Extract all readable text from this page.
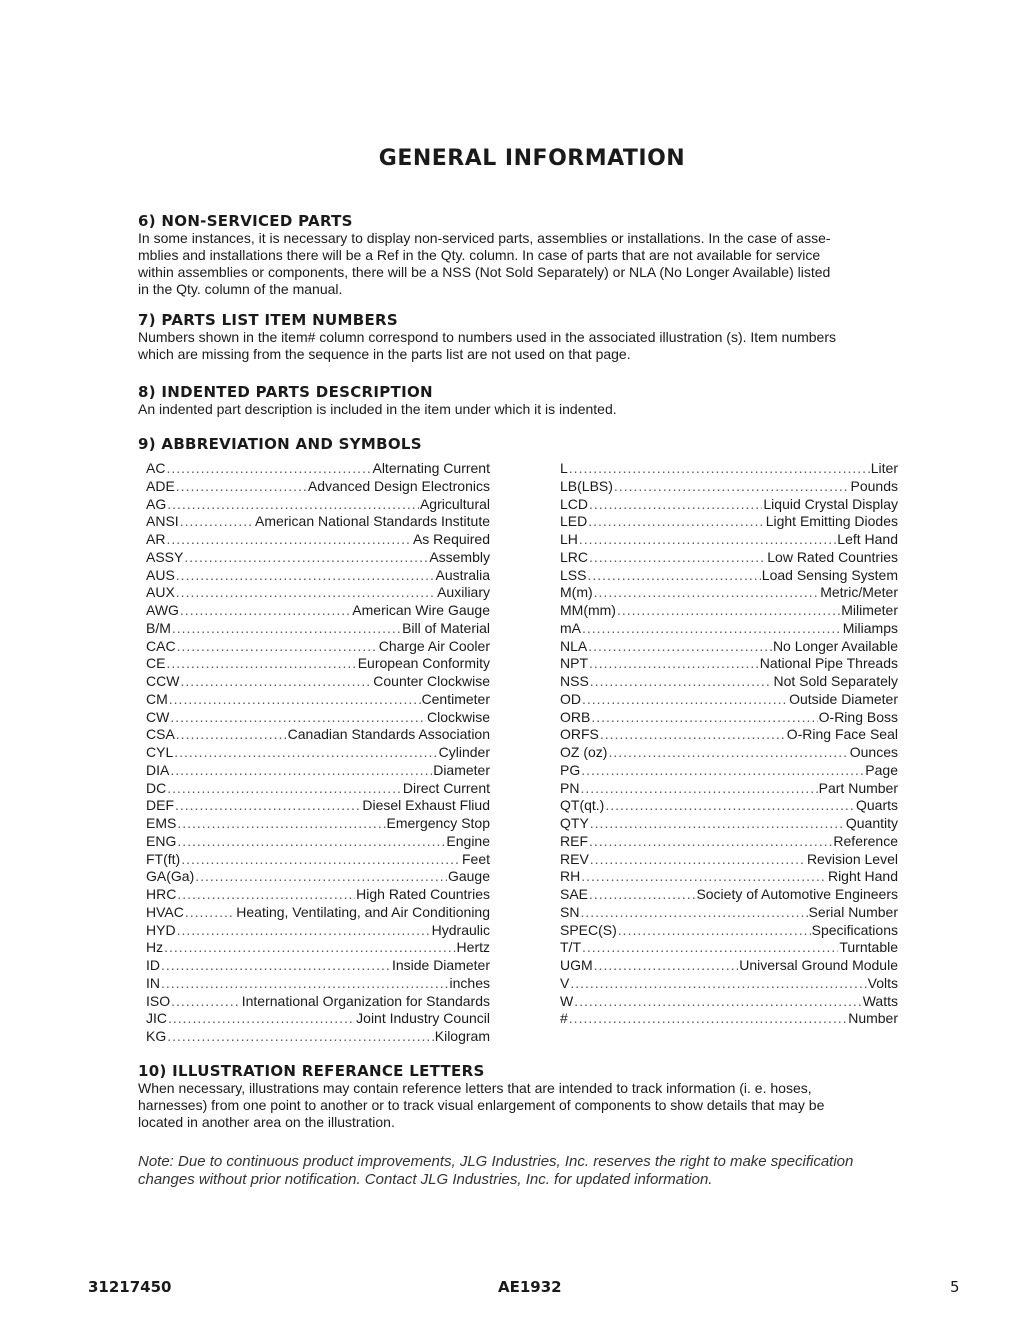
GENERAL INFORMATION
6) NON-SERVICED PARTS

In some instances, it is necessary to display non-serviced parts, assemblies or installations. In the case of asse-

mblies and installations there will be a Ref in the Qty. column. In case of parts that are not available for service

within assemblies or components, there will be a NSS (Not Sold Separately) or NLA (No Longer Available) listed

in the Qty. column of the manual.

7) PARTS LIST ITEM NUMBERS

Numbers shown in the item# column correspond to numbers used in the associated illustration (s). Item numbers

which are missing from the sequence in the parts list are not used on that page.

8) INDENTED PARTS DESCRIPTION

An indented part description is included in the item under which it is indented.

9) ABBREVIATION AND SYMBOLS
AC .....	Alternating Current
ADE .....	Advanced Design Electronics
AG .....	Agricultural
ANSI .....	American National Standards Institute
AR .....	As Required
ASSY .....	Assembly
AUS .....	Australia
AUX .....	Auxiliary
AWG .....	American Wire Gauge
B/M .....	Bill of Material
CAC .....	Charge Air Cooler
CE .....	European Conformity
CCW .....	Counter Clockwise
CM .....	Centimeter
CW .....	Clockwise
CSA .....	Canadian Standards Association
CYL .....	Cylinder
DIA .....	Diameter
DC .....	Direct Current
DEF .....	Diesel Exhaust Fliud
EMS .....	Emergency Stop
ENG .....	Engine
FT(ft) .....	Feet
GA(Ga) .....	Gauge
HRC .....	High Rated Countries
HVAC .....	Heating, Ventilating, and Air Conditioning
HYD .....	Hydraulic
Hz .....	Hertz
ID .....	Inside Diameter
IN .....	inches
ISO .....	International Organization for Standards
JIC .....	Joint Industry Council
KG .....	Kilogram
L .....	Liter
LB(LBS) .....	Pounds
LCD .....	Liquid Crystal Display
LED .....	Light Emitting Diodes
LH .....	Left Hand
LRC .....	Low Rated Countries
LSS .....	Load Sensing System
M(m) .....	Metric/Meter
MM(mm) .....	Milimeter
mA .....	Miliamps
NLA .....	No Longer Available
NPT .....	National Pipe Threads
NSS .....	Not Sold Separately
OD .....	Outside Diameter
ORB .....	O-Ring Boss
ORFS .....	O-Ring Face Seal
OZ (oz) .....	Ounces
PG .....	Page
PN .....	Part Number
QT(qt.) .....	Quarts
QTY .....	Quantity
REF .....	Reference
REV .....	Revision Level
RH .....	Right Hand
SAE .....	Society of Automotive Engineers
SN .....	Serial Number
SPEC(S) .....	Specifications
T/T .....	Turntable
UGM .....	Universal Ground Module
V .....	Volts
W .....	Watts
# .....	Number
10) ILLUSTRATION REFERANCE LETTERS

When necessary, illustrations may contain reference letters that are intended to track information (i. e. hoses,

harnesses) from one point to another or to track visual enlargement of components to show details that may be

located in another area on the illustration.

Note: Due to continuous product improvements, JLG Industries, Inc. reserves the right to make specification
changes without prior notification. Contact JLG Industries, Inc. for updated information.
31217450	AE1932	5
